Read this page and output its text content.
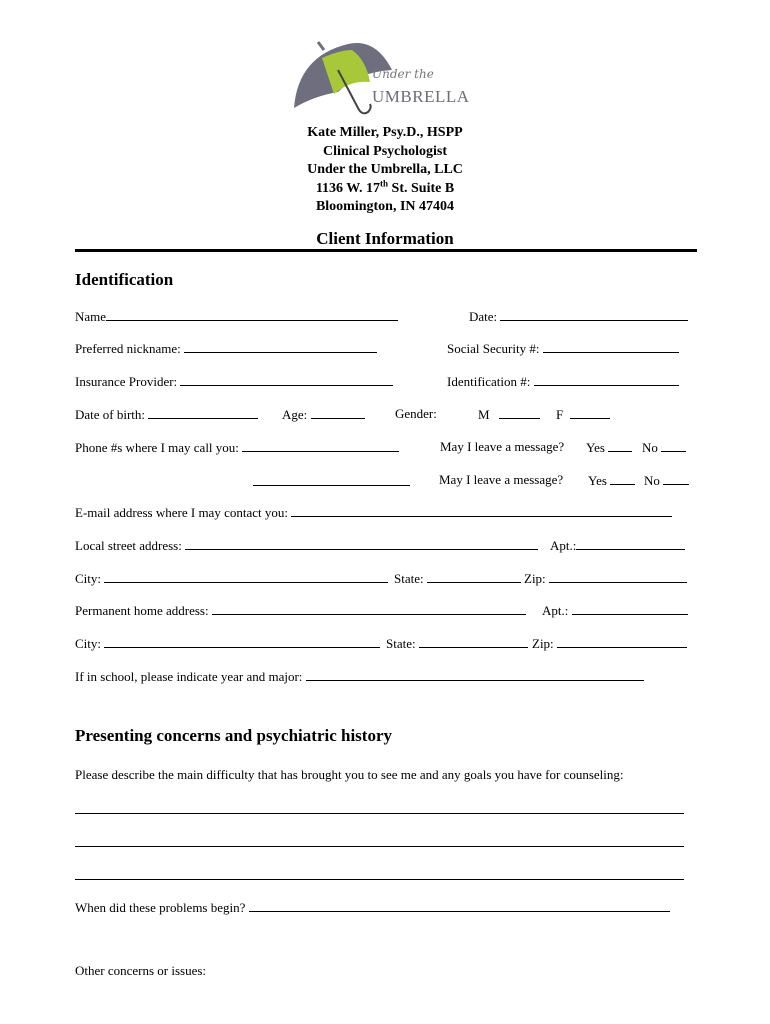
Under the
UMBRELLA
Kate Miller, Psy.D., HSPP
Clinical Psychologist
Under the Umbrella, LLC
1136 W. 17th St. Suite B
Bloomington, IN 47404
Client Information
Identification
Name	Date:
Preferred nickname:	Social Security #:
Insurance Provider:	Identification #:
Date of birth:	Age:	Gender:	M	F
Phone #s where I may call you:	May I leave a message? Yes	No
May I leave a message? Yes	No
E-mail address where I may contact you:
Local street address:	Apt.:
City:	State:	Zip:
Permanent home address:	Apt.:
City:	State:	Zip:
If in school, please indicate year and major:
Presenting concerns and psychiatric history
Please describe the main difficulty that has brought you to see me and any goals you have for counseling:
When did these problems begin?
Other concerns or issues:
